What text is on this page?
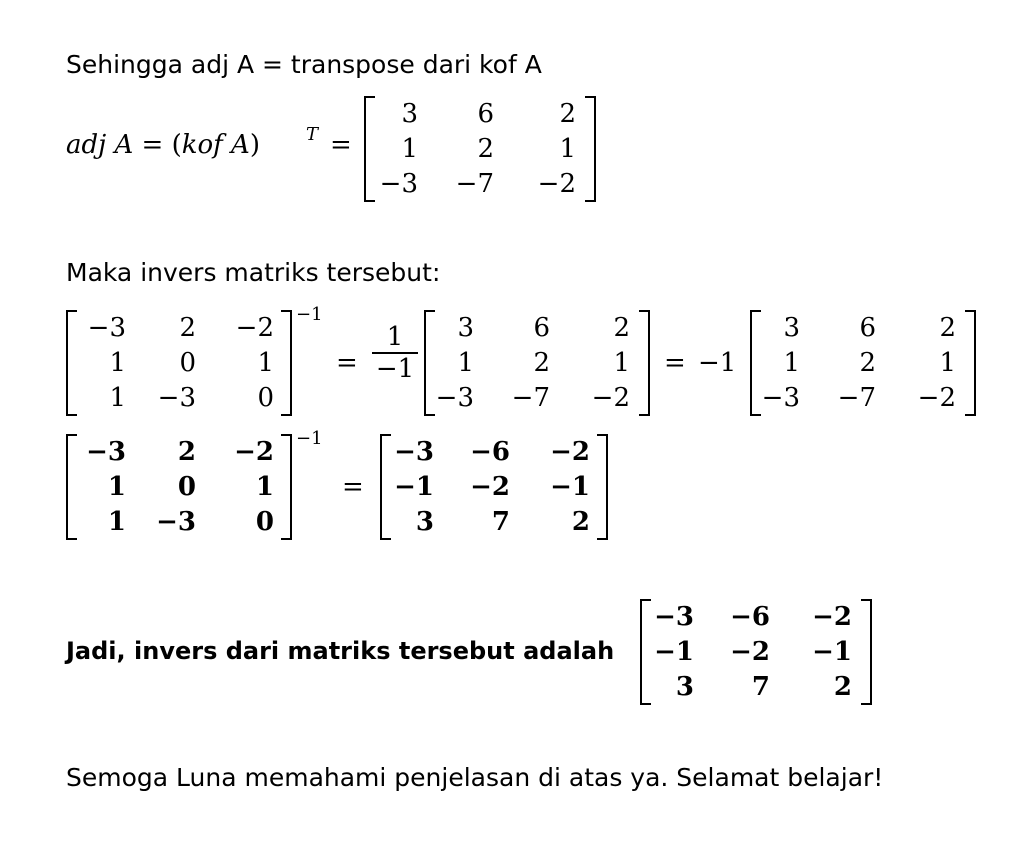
Sehingga adj A = transpose dari kof A
adj A = (kof A)	T =
3	6	2
1	2	1
−3	−7	−2
Maka invers matriks tersebut:
−3	2	−2
1	0	1
1	−3	0
−1
=
1
−1
3	6	2
1	2	1
−3	−7	−2
= −1
3	6	2
1	2	1
−3	−7	−2
−3	2	−2
1	0	1
1	−3	0
−1
=
−3	−6	−2
−1	−2	−1
3	7	2
Jadi, invers dari matriks tersebut adalah
−3	−6	−2
−1	−2	−1
3	7	2
Semoga Luna memahami penjelasan di atas ya. Selamat belajar!
